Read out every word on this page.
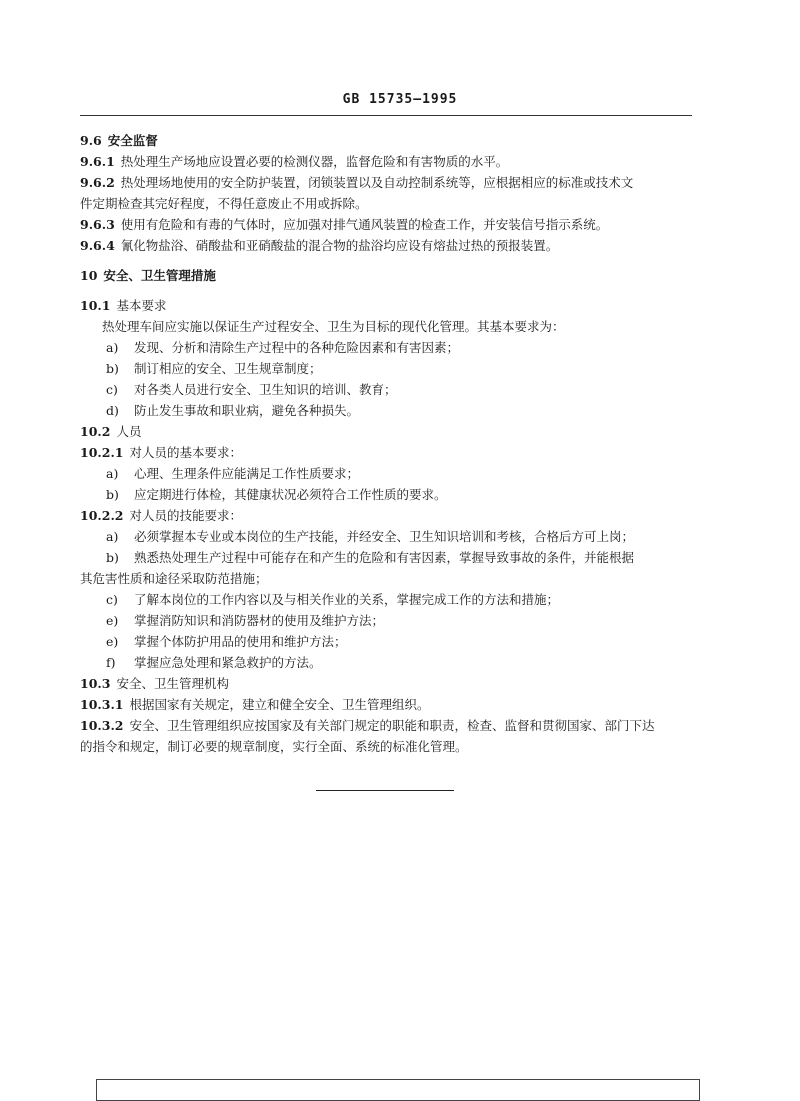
GB 15735—1995
9.6 安全监督
9.6.1 热处理生产场地应设置必要的检测仪器，监督危险和有害物质的水平。
9.6.2 热处理场地使用的安全防护装置，闭锁装置以及自动控制系统等，应根据相应的标准或技术文
件定期检查其完好程度，不得任意废止不用或拆除。
9.6.3 使用有危险和有毒的气体时，应加强对排气通风装置的检查工作，并安装信号指示系统。
9.6.4 氰化物盐浴、硝酸盐和亚硝酸盐的混合物的盐浴均应设有熔盐过热的预报装置。
10 安全、卫生管理措施
10.1 基本要求
热处理车间应实施以保证生产过程安全、卫生为目标的现代化管理。其基本要求为：
a) 发现、分析和清除生产过程中的各种危险因素和有害因素；
b) 制订相应的安全、卫生规章制度；
c) 对各类人员进行安全、卫生知识的培训、教育；
d) 防止发生事故和职业病，避免各种损失。
10.2 人员
10.2.1 对人员的基本要求：
a) 心理、生理条件应能满足工作性质要求；
b) 应定期进行体检，其健康状况必须符合工作性质的要求。
10.2.2 对人员的技能要求：
a) 必须掌握本专业或本岗位的生产技能，并经安全、卫生知识培训和考核，合格后方可上岗；
b) 熟悉热处理生产过程中可能存在和产生的危险和有害因素，掌握导致事故的条件，并能根据
其危害性质和途径采取防范措施；
c) 了解本岗位的工作内容以及与相关作业的关系，掌握完成工作的方法和措施；
e) 掌握消防知识和消防器材的使用及维护方法；
e) 掌握个体防护用品的使用和维护方法；
f) 掌握应急处理和紧急救护的方法。
10.3 安全、卫生管理机构
10.3.1 根据国家有关规定，建立和健全安全、卫生管理组织。
10.3.2 安全、卫生管理组织应按国家及有关部门规定的职能和职责，检查、监督和贯彻国家、部门下达
的指令和规定，制订必要的规章制度，实行全面、系统的标准化管理。
